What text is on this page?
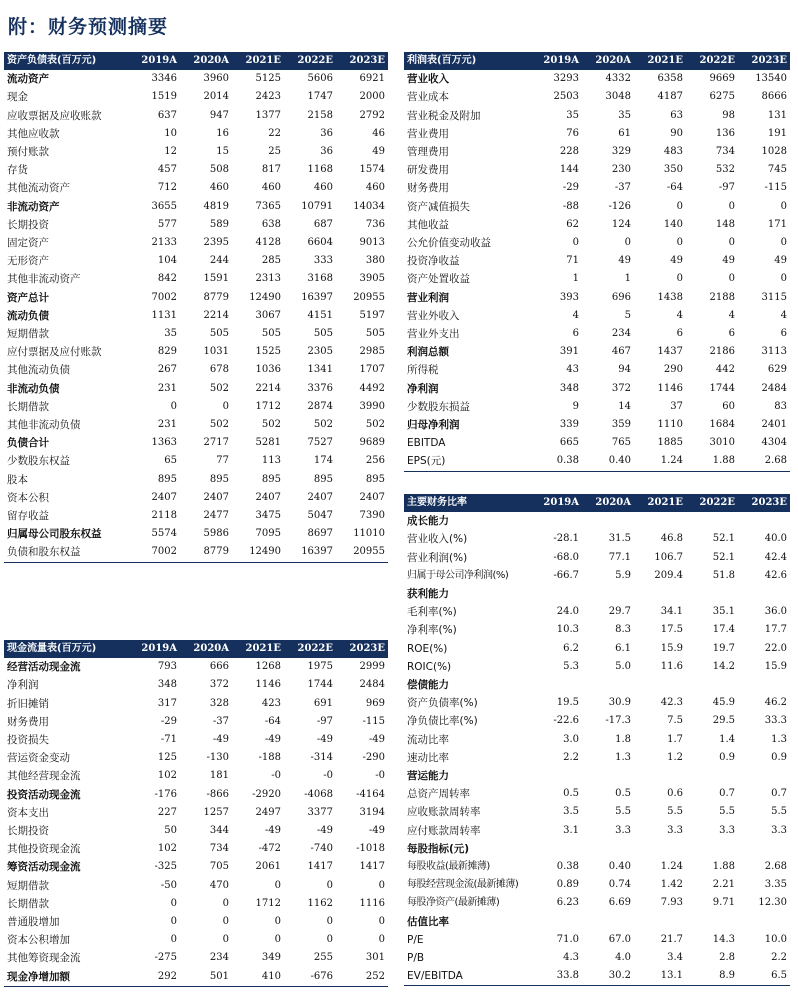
附：财务预测摘要
资产负债表(百万元)	2019A	2020A	2021E	2022E	2023E
流动资产	3346	3960	5125	5606	6921
现金	1519	2014	2423	1747	2000
应收票据及应收账款	637	947	1377	2158	2792
其他应收款	10	16	22	36	46
预付账款	12	15	25	36	49
存货	457	508	817	1168	1574
其他流动资产	712	460	460	460	460
非流动资产	3655	4819	7365	10791	14034
长期投资	577	589	638	687	736
固定资产	2133	2395	4128	6604	9013
无形资产	104	244	285	333	380
其他非流动资产	842	1591	2313	3168	3905
资产总计	7002	8779	12490	16397	20955
流动负债	1131	2214	3067	4151	5197
短期借款	35	505	505	505	505
应付票据及应付账款	829	1031	1525	2305	2985
其他流动负债	267	678	1036	1341	1707
非流动负债	231	502	2214	3376	4492
长期借款	0	0	1712	2874	3990
其他非流动负债	231	502	502	502	502
负债合计	1363	2717	5281	7527	9689
少数股东权益	65	77	113	174	256
股本	895	895	895	895	895
资本公积	2407	2407	2407	2407	2407
留存收益	2118	2477	3475	5047	7390
归属母公司股东权益	5574	5986	7095	8697	11010
负债和股东权益	7002	8779	12490	16397	20955
利润表(百万元)	2019A	2020A	2021E	2022E	2023E
营业收入	3293	4332	6358	9669	13540
营业成本	2503	3048	4187	6275	8666
营业税金及附加	35	35	63	98	131
营业费用	76	61	90	136	191
管理费用	228	329	483	734	1028
研发费用	144	230	350	532	745
财务费用	-29	-37	-64	-97	-115
资产减值损失	-88	-126	0	0	0
其他收益	62	124	140	148	171
公允价值变动收益	0	0	0	0	0
投资净收益	71	49	49	49	49
资产处置收益	1	1	0	0	0
营业利润	393	696	1438	2188	3115
营业外收入	4	5	4	4	4
营业外支出	6	234	6	6	6
利润总额	391	467	1437	2186	3113
所得税	43	94	290	442	629
净利润	348	372	1146	1744	2484
少数股东损益	9	14	37	60	83
归母净利润	339	359	1110	1684	2401
EBITDA	665	765	1885	3010	4304
EPS(元)	0.38	0.40	1.24	1.88	2.68
现金流量表(百万元)	2019A	2020A	2021E	2022E	2023E
经营活动现金流	793	666	1268	1975	2999
净利润	348	372	1146	1744	2484
折旧摊销	317	328	423	691	969
财务费用	-29	-37	-64	-97	-115
投资损失	-71	-49	-49	-49	-49
营运资金变动	125	-130	-188	-314	-290
其他经营现金流	102	181	-0	-0	-0
投资活动现金流	-176	-866	-2920	-4068	-4164
资本支出	227	1257	2497	3377	3194
长期投资	50	344	-49	-49	-49
其他投资现金流	102	734	-472	-740	-1018
筹资活动现金流	-325	705	2061	1417	1417
短期借款	-50	470	0	0	0
长期借款	0	0	1712	1162	1116
普通股增加	0	0	0	0	0
资本公积增加	0	0	0	0	0
其他筹资现金流	-275	234	349	255	301
现金净增加额	292	501	410	-676	252
主要财务比率	2019A	2020A	2021E	2022E	2023E
成长能力					
营业收入(%)	-28.1	31.5	46.8	52.1	40.0
营业利润(%)	-68.0	77.1	106.7	52.1	42.4
归属于母公司净利润(%)	-66.7	5.9	209.4	51.8	42.6
获利能力					
毛利率(%)	24.0	29.7	34.1	35.1	36.0
净利率(%)	10.3	8.3	17.5	17.4	17.7
ROE(%)	6.2	6.1	15.9	19.7	22.0
ROIC(%)	5.3	5.0	11.6	14.2	15.9
偿债能力					
资产负债率(%)	19.5	30.9	42.3	45.9	46.2
净负债比率(%)	-22.6	-17.3	7.5	29.5	33.3
流动比率	3.0	1.8	1.7	1.4	1.3
速动比率	2.2	1.3	1.2	0.9	0.9
营运能力					
总资产周转率	0.5	0.5	0.6	0.7	0.7
应收账款周转率	3.5	5.5	5.5	5.5	5.5
应付账款周转率	3.1	3.3	3.3	3.3	3.3
每股指标(元)					
每股收益(最新摊薄)	0.38	0.40	1.24	1.88	2.68
每股经营现金流(最新摊薄)	0.89	0.74	1.42	2.21	3.35
每股净资产(最新摊薄)	6.23	6.69	7.93	9.71	12.30
估值比率					
P/E	71.0	67.0	21.7	14.3	10.0
P/B	4.3	4.0	3.4	2.8	2.2
EV/EBITDA	33.8	30.2	13.1	8.9	6.5
